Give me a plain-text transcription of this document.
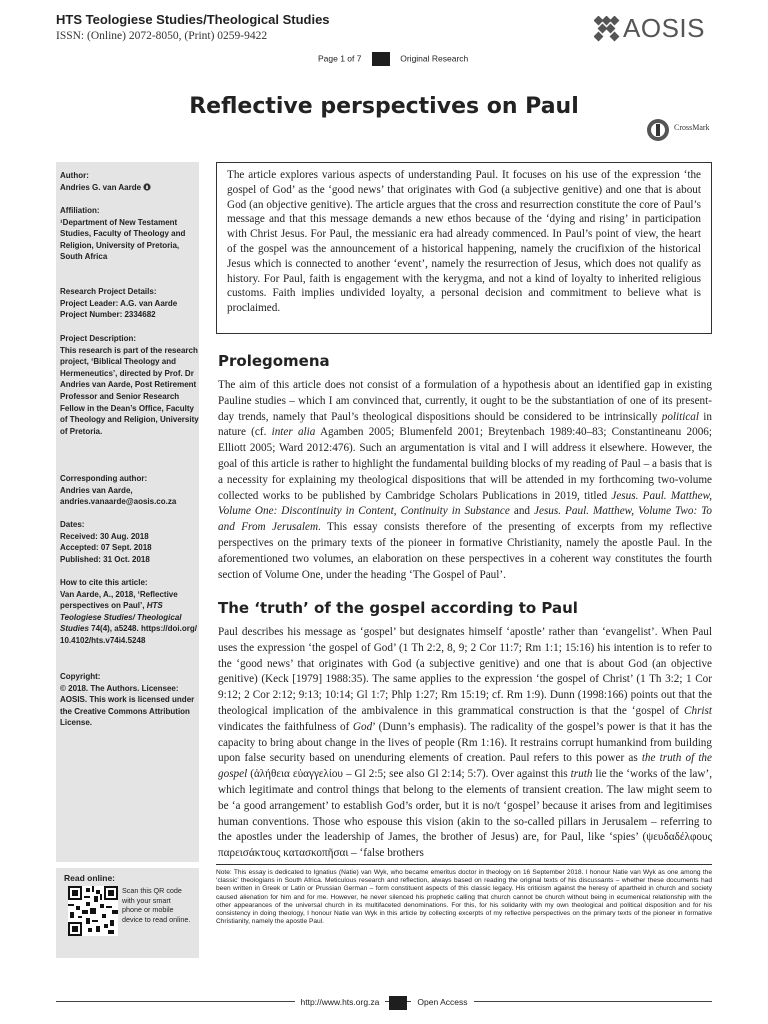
HTS Teologiese Studies/Theological Studies
ISSN: (Online) 2072-8050, (Print) 0259-9422	AOSIS
Page 1 of 7	Original Research
Reflective perspectives on Paul
CrossMark
Author:
Andries G. van Aarde
Affiliation:
¹Department of New Testament Studies, Faculty of Theology and Religion, University of Pretoria, South Africa
Research Project Details:
Project Leader: A.G. van Aarde
Project Number: 2334682
Project Description:
This research is part of the research project, ‘Biblical Theology and Hermeneutics’, directed by Prof. Dr Andries van Aarde, Post Retirement Professor and Senior Research Fellow in the Dean’s Office, Faculty of Theology and Religion, University of Pretoria.
Corresponding author:
Andries van Aarde,
andries.vanaarde@aosis.co.za
Dates:
Received: 30 Aug. 2018
Accepted: 07 Sept. 2018
Published: 31 Oct. 2018
How to cite this article:
Van Aarde, A., 2018, ‘Reflective perspectives on Paul’, HTS Teologiese Studies/ Theological Studies 74(4), a5248. https://doi.org/ 10.4102/hts.v74i4.5248
Copyright:
© 2018. The Authors. Licensee: AOSIS. This work is licensed under the Creative Commons Attribution License.
Read online:
Scan this QR code with your smart phone or mobile device to read online.
The article explores various aspects of understanding Paul. It focuses on his use of the expression ‘the gospel of God’ as the ‘good news’ that originates with God (a subjective genitive) and one that is about God (an objective genitive). The article argues that the cross and resurrection constitute the core of Paul’s message and that this message demands a new ethos because of the ‘dying and rising’ in participation with Christ Jesus. For Paul, the messianic era had already commenced. In Paul’s point of view, the heart of the gospel was the announcement of a historical happening, namely the crucifixion of the historical Jesus which is connected to another ‘event’, namely the resurrection of Jesus, which does not qualify as history. For Paul, faith is engagement with the kerygma, and not a kind of loyalty to inherited religious customs. Faith implies undivided loyalty, a personal decision and commitment to believe what is proclaimed.
Prolegomena
The aim of this article does not consist of a formulation of a hypothesis about an identified gap in existing Pauline studies – which I am convinced that, currently, it ought to be the substantiation of one of its present-day trends, namely that Paul’s theological dispositions should be considered to be intrinsically political in nature (cf. inter alia Agamben 2005; Blumenfeld 2001; Breytenbach 1989:40–83; Constantineanu 2006; Elliott 2005; Ward 2012:476). Such an argumentation is vital and I will address it elsewhere. However, the goal of this article is rather to highlight the fundamental building blocks of my reading of Paul – a basis that is a necessity for explaining my theological dispositions that will be attended in my forthcoming two-volume collected works to be published by Cambridge Scholars Publications in 2019, titled Jesus. Paul. Matthew, Volume One: Discontinuity in Content, Continuity in Substance and Jesus. Paul. Matthew, Volume Two: To and From Jerusalem. This essay consists therefore of the presenting of excerpts from my reflective perspectives on the primary texts of the pioneer in formative Christianity, namely the apostle Paul. In the aforementioned two volumes, an elaboration on these perspectives in a coherent way constitutes the fourth section of Volume One, under the heading ‘The Gospel of Paul’.
The ‘truth’ of the gospel according to Paul
Paul describes his message as ‘gospel’ but designates himself ‘apostle’ rather than ‘evangelist’. When Paul uses the expression ‘the gospel of God’ (1 Th 2:2, 8, 9; 2 Cor 11:7; Rm 1:1; 15:16) his intention is to refer to the ‘good news’ that originates with God (a subjective genitive) and one that is about God (an objective genitive) (Keck [1979] 1988:35). The same applies to the expression ‘the gospel of Christ’ (1 Th 3:2; 1 Cor 9:12; 2 Cor 2:12; 9:13; 10:14; Gl 1:7; Phlp 1:27; Rm 15:19; cf. Rm 1:9). Dunn (1998:166) points out that the theological implication of the ambivalence in this grammatical construction is that the ‘gospel of Christ vindicates the faithfulness of God’ (Dunn’s emphasis). The radicality of the gospel’s power is that it has the capacity to bring about change in the lives of people (Rm 1:16). It restrains corrupt humankind from building upon false security based on unenduring elements of creation. Paul refers to this power as the truth of the gospel (ἀλήθεια εὐαγγελίου – Gl 2:5; see also Gl 2:14; 5:7). Over against this truth lie the ‘works of the law’, which legitimate and control things that belong to the elements of transient creation. The law might seem to be ‘a good arrangement’ to establish God’s order, but it is no/t ‘gospel’ because it arises from and legitimises human conventions. Those who espouse this vision (akin to the so-called pillars in Jerusalem – referring to the apostles under the leadership of James, the brother of Jesus) are, for Paul, like ‘spies’ (ψευδαδέλφους παρεισάκτους κατασκοπῆσαι – ‘false brothers
Note: This essay is dedicated to Ignatius (Natie) van Wyk, who became emeritus doctor in theology on 16 September 2018. I honour Natie van Wyk as one among the ‘classic’ theologians in South Africa. Meticulous research and reflection, always based on reading the original texts of his discussants – whether these documents had been written in Greek or Latin or Prussian German – form constituent aspects of this classic legacy. His criticism against the heresy of apartheid in church and society caused alienation for him and for me. However, he never silenced his prophetic calling that church cannot be church without being in ecumenical relationship with the other appearances of the universal church in its multifaceted denominations. For this, for his solidarity with my own theological and political disposition and for his consistency in doing theology, I honour Natie van Wyk in this article by collecting excerpts of my reflective perspectives on the primary texts of the pioneer in formative Christianity, namely the apostle Paul.
http://www.hts.org.za	Open Access
